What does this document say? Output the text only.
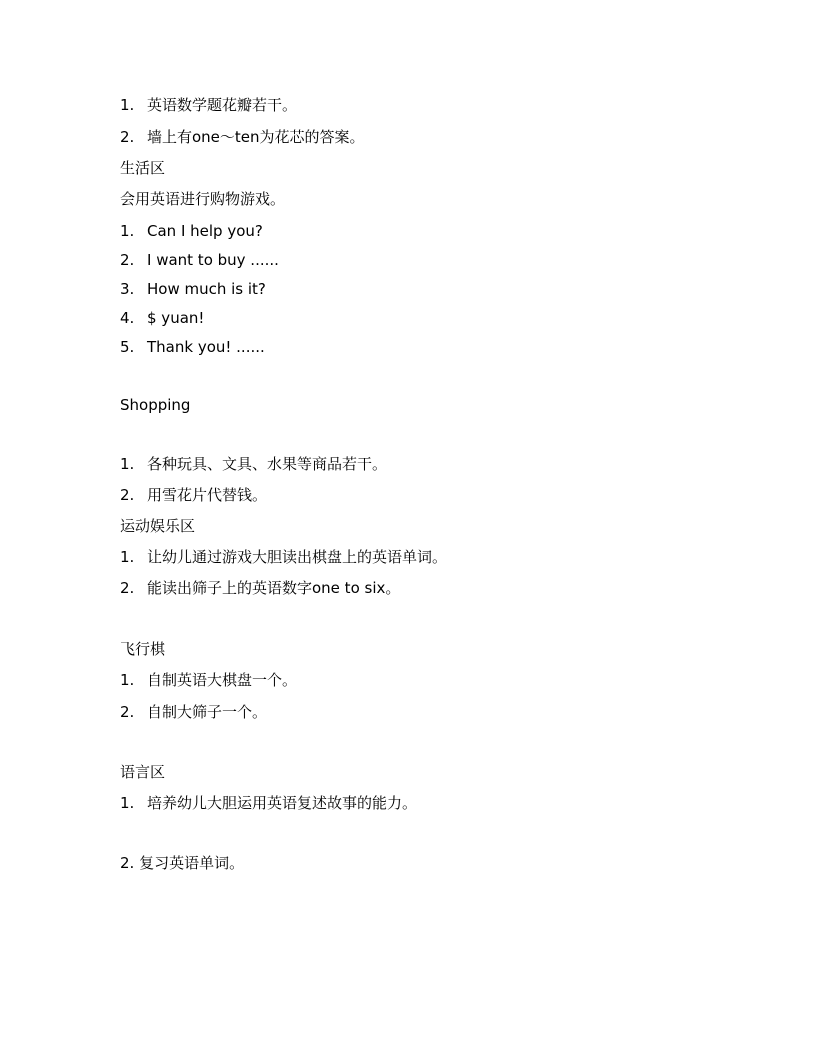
1. 英语数学题花瓣若干。
2. 墙上有one～ten为花芯的答案。
生活区
会用英语进行购物游戏。
1. Can I help you?
2. I want to buy ......
3. How much is it?
4. $ yuan!
5. Thank you! ......
Shopping
1. 各种玩具、文具、水果等商品若干。
2. 用雪花片代替钱。
运动娱乐区
1. 让幼儿通过游戏大胆读出棋盘上的英语单词。
2. 能读出筛子上的英语数字one to six。
飞行棋
1. 自制英语大棋盘一个。
2. 自制大筛子一个。
语言区
1. 培养幼儿大胆运用英语复述故事的能力。
2. 复习英语单词。
